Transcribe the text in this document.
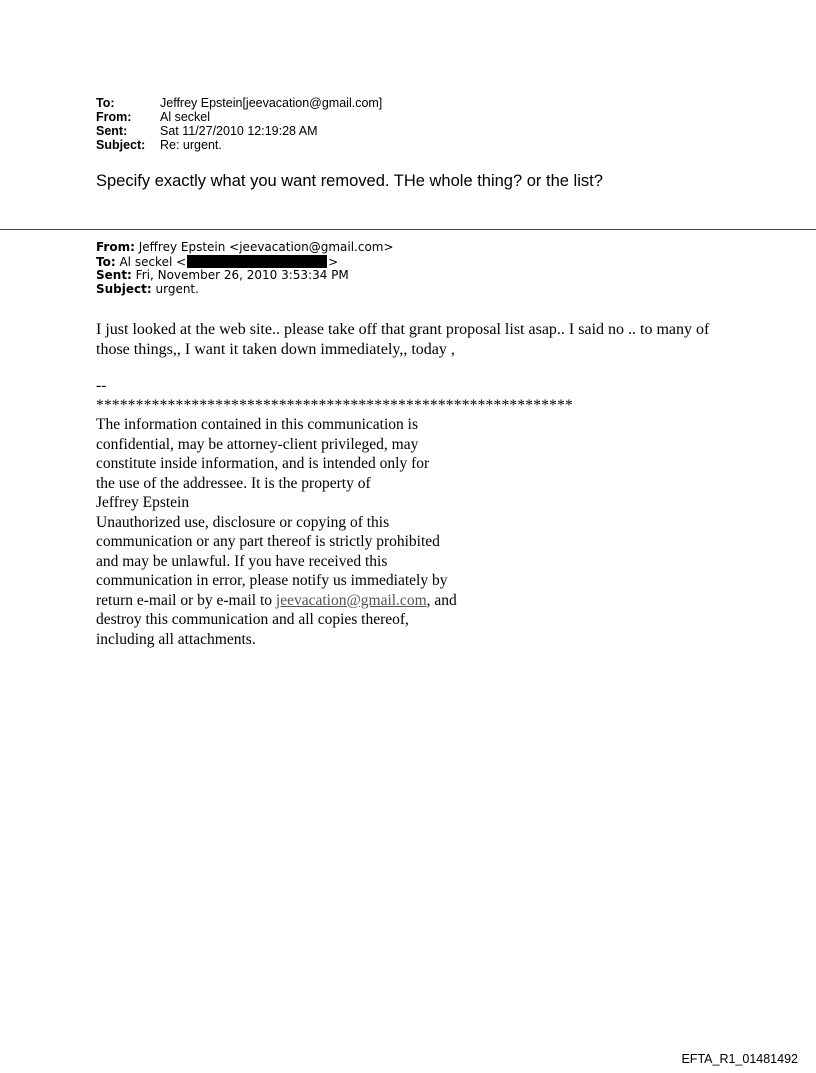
To:	Jeffrey Epstein[jeevacation@gmail.com]
From:	Al seckel
Sent:	Sat 11/27/2010 12:19:28 AM
Subject:	Re: urgent.
Specify exactly what you want removed. THe whole thing? or the list?
From: Jeffrey Epstein <jeevacation@gmail.com>
To: Al seckel <	>
Sent: Fri, November 26, 2010 3:53:34 PM
Subject: urgent.
I just looked at the web site.. please take off that grant proposal list asap.. I said no .. to many of
those things,, I want it taken down immediately,, today ,
--
************************************************************
The information contained in this communication is
confidential, may be attorney-client privileged, may
constitute inside information, and is intended only for
the use of the addressee. It is the property of
Jeffrey Epstein
Unauthorized use, disclosure or copying of this
communication or any part thereof is strictly prohibited
and may be unlawful. If you have received this
communication in error, please notify us immediately by
return e-mail or by e-mail to jeevacation@gmail.com, and
destroy this communication and all copies thereof,
including all attachments.
EFTA_R1_01481492
